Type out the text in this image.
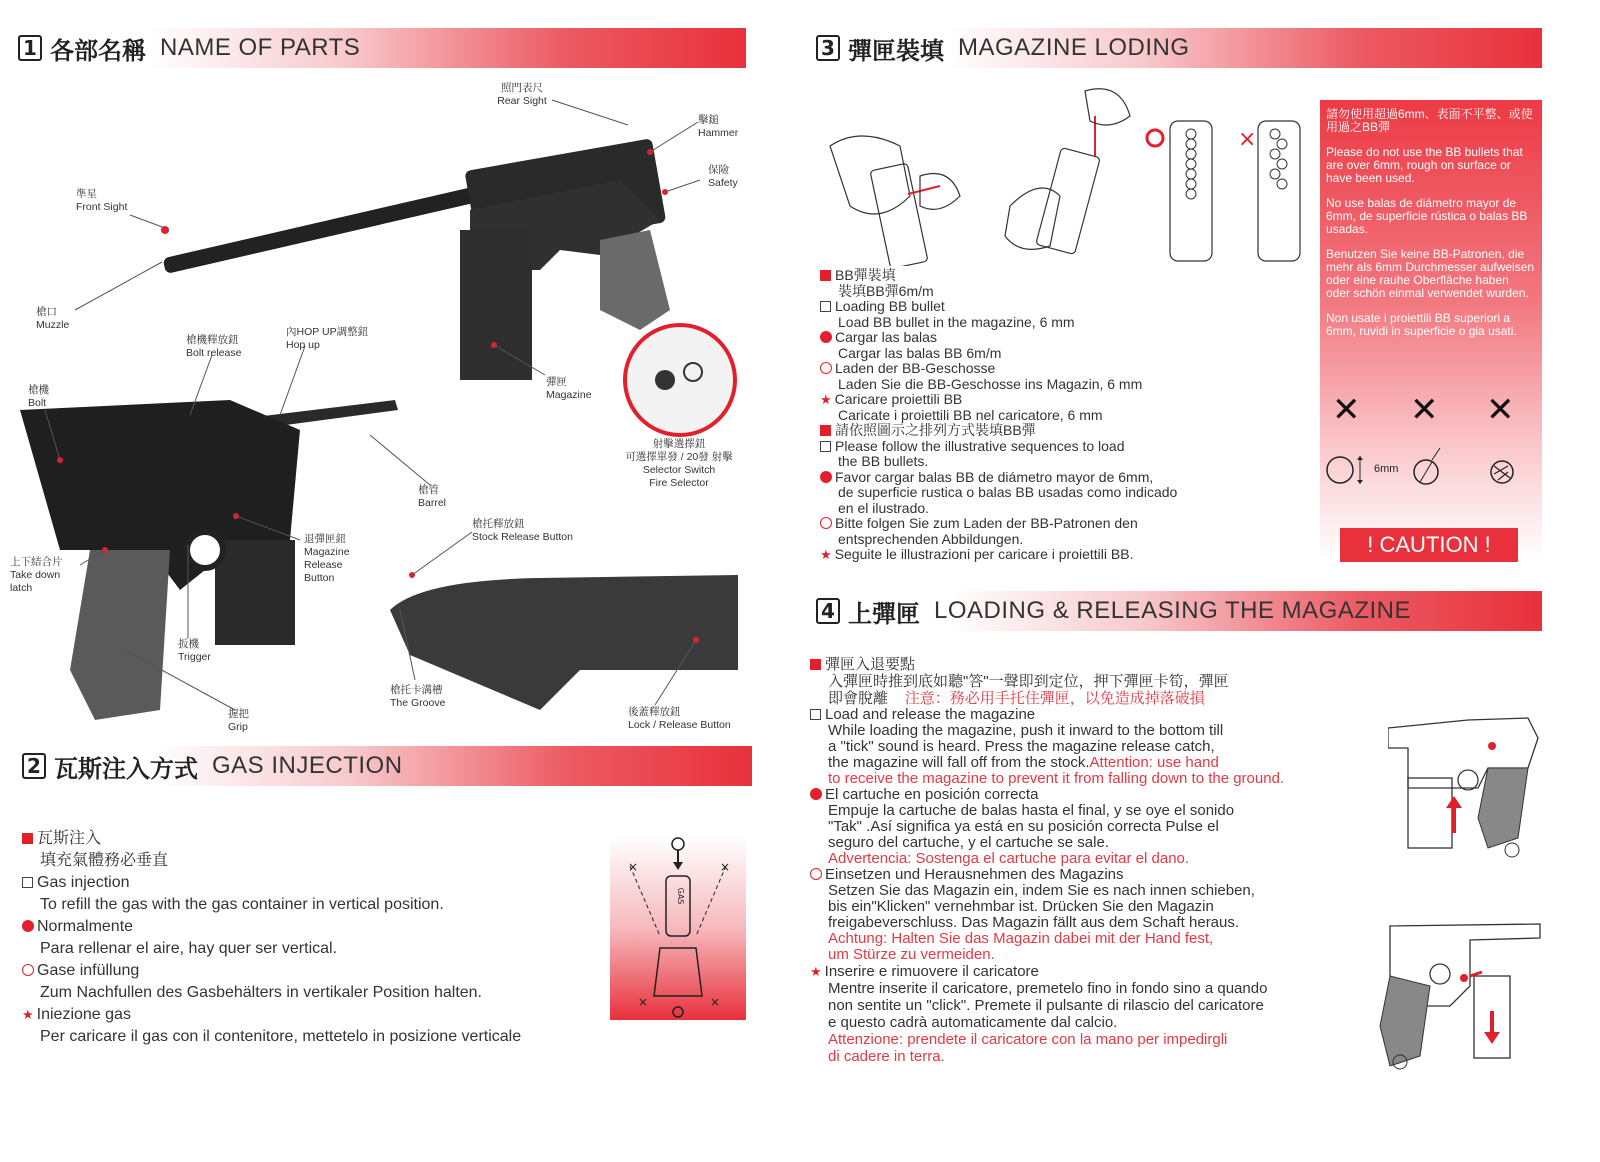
1 各部名稱 NAME OF PARTS
照門表尺
Rear Sight
擊鎚
Hammer
保險
Safety
準星
Front Sight
槍口
Muzzle
槍機釋放鈕
Bolt release
內HOP UP調整鈕
Hop up
槍機
Bolt
彈匣
Magazine
射擊選擇鈕
可選擇單發 / 20發 射擊
Selector Switch
Fire Selector
槍管
Barrel
槍托釋放鈕
Stock Release Button
退彈匣鈕
Magazine
Release
Button
上下結合片
Take down
latch
扳機
Trigger
槍托卡溝槽
The Groove
握把
Grip
後蓋釋放鈕
Lock / Release Button
2 瓦斯注入方式 GAS INJECTION
瓦斯注入
填充氣體務必垂直
Gas injection
To refill the gas with the gas container in vertical position.
Normalmente
Para rellenar el aire, hay quer ser vertical.
Gase infüllung
Zum Nachfullen des Gasbehälters in vertikaler Position halten.
★ Iniezione gas
Per caricare il gas con il contenitore, mettetelo in posizione verticale
GAS
×	×
×	×
3 彈匣裝填 MAGAZINE LODING
×
BB彈裝填
裝填BB彈6m/m
Loading BB bullet
Load BB bullet in the magazine, 6 mm
Cargar las balas
Cargar las balas BB 6m/m
Laden der BB-Geschosse
Laden Sie die BB-Geschosse ins Magazin, 6 mm
★ Caricare proiettili BB
Caricate i proiettili BB nel caricatore, 6 mm
請依照圖示之排列方式裝填BB彈
Please follow the illustrative sequences to load
the BB bullets.
Favor cargar balas BB de diámetro mayor de 6mm,
de superficie rustica o balas BB usadas como indicado
en el ilustrado.
Bitte folgen Sie zum Laden der BB-Patronen den
entsprechenden Abbildungen.
★ Seguite le illustrazioni per caricare i proiettili BB.

請勿使用超過6mm、表面不平整、或使用過之BB彈

Please do not use the BB bullets that are over 6mm, rough on surface or have been used.

No use balas de diámetro mayor de 6mm, de superficie rústica o balas BB usadas.

Benutzen Sie keine BB-Patronen, die mehr als 6mm Durchmesser aufweisen oder eine rauhe Oberfläche haben oder schön einmal verwendet wurden.

Non usate i proiettili BB superiori a 6mm, ruvidi in superficie o gia usati.

✕ ✕ ✕
6mm
! CAUTION !
4 上彈匣 LOADING & RELEASING THE MAGAZINE
彈匣入退要點
入彈匣時推到底如聽"答"一聲即到定位，押下彈匣卡筍，彈匣
即會脫離 注意：務必用手托住彈匣，以免造成掉落破損
Load and release the magazine
While loading the magazine, push it inward to the bottom till
a "tick" sound is heard. Press the magazine release catch,
the magazine will fall off from the stock.Attention: use hand
to receive the magazine to prevent it from falling down to the ground.
El cartuche en posición correcta
Empuje la cartuche de balas hasta el final, y se oye el sonido
"Tak" .Así significa ya está en su posición correcta Pulse el
seguro del cartuche, y el cartuche se sale.
Advertencia: Sostenga el cartuche para evitar el dano.
Einsetzen und Herausnehmen des Magazins
Setzen Sie das Magazin ein, indem Sie es nach innen schieben,
bis ein"Klicken" vernehmbar ist. Drücken Sie den Magazin
freigabeverschluss. Das Magazin fällt aus dem Schaft heraus.
Achtung: Halten Sie das Magazin dabei mit der Hand fest,
um Stürze zu vermeiden.
★ Inserire e rimuovere il caricatore
Mentre inserite il caricatore, premetelo fino in fondo sino a quando
non sentite un "click". Premete il pulsante di rilascio del caricatore
e questo cadrà automaticamente dal calcio.
Attenzione: prendete il caricatore con la mano per impedirgli
di cadere in terra.
